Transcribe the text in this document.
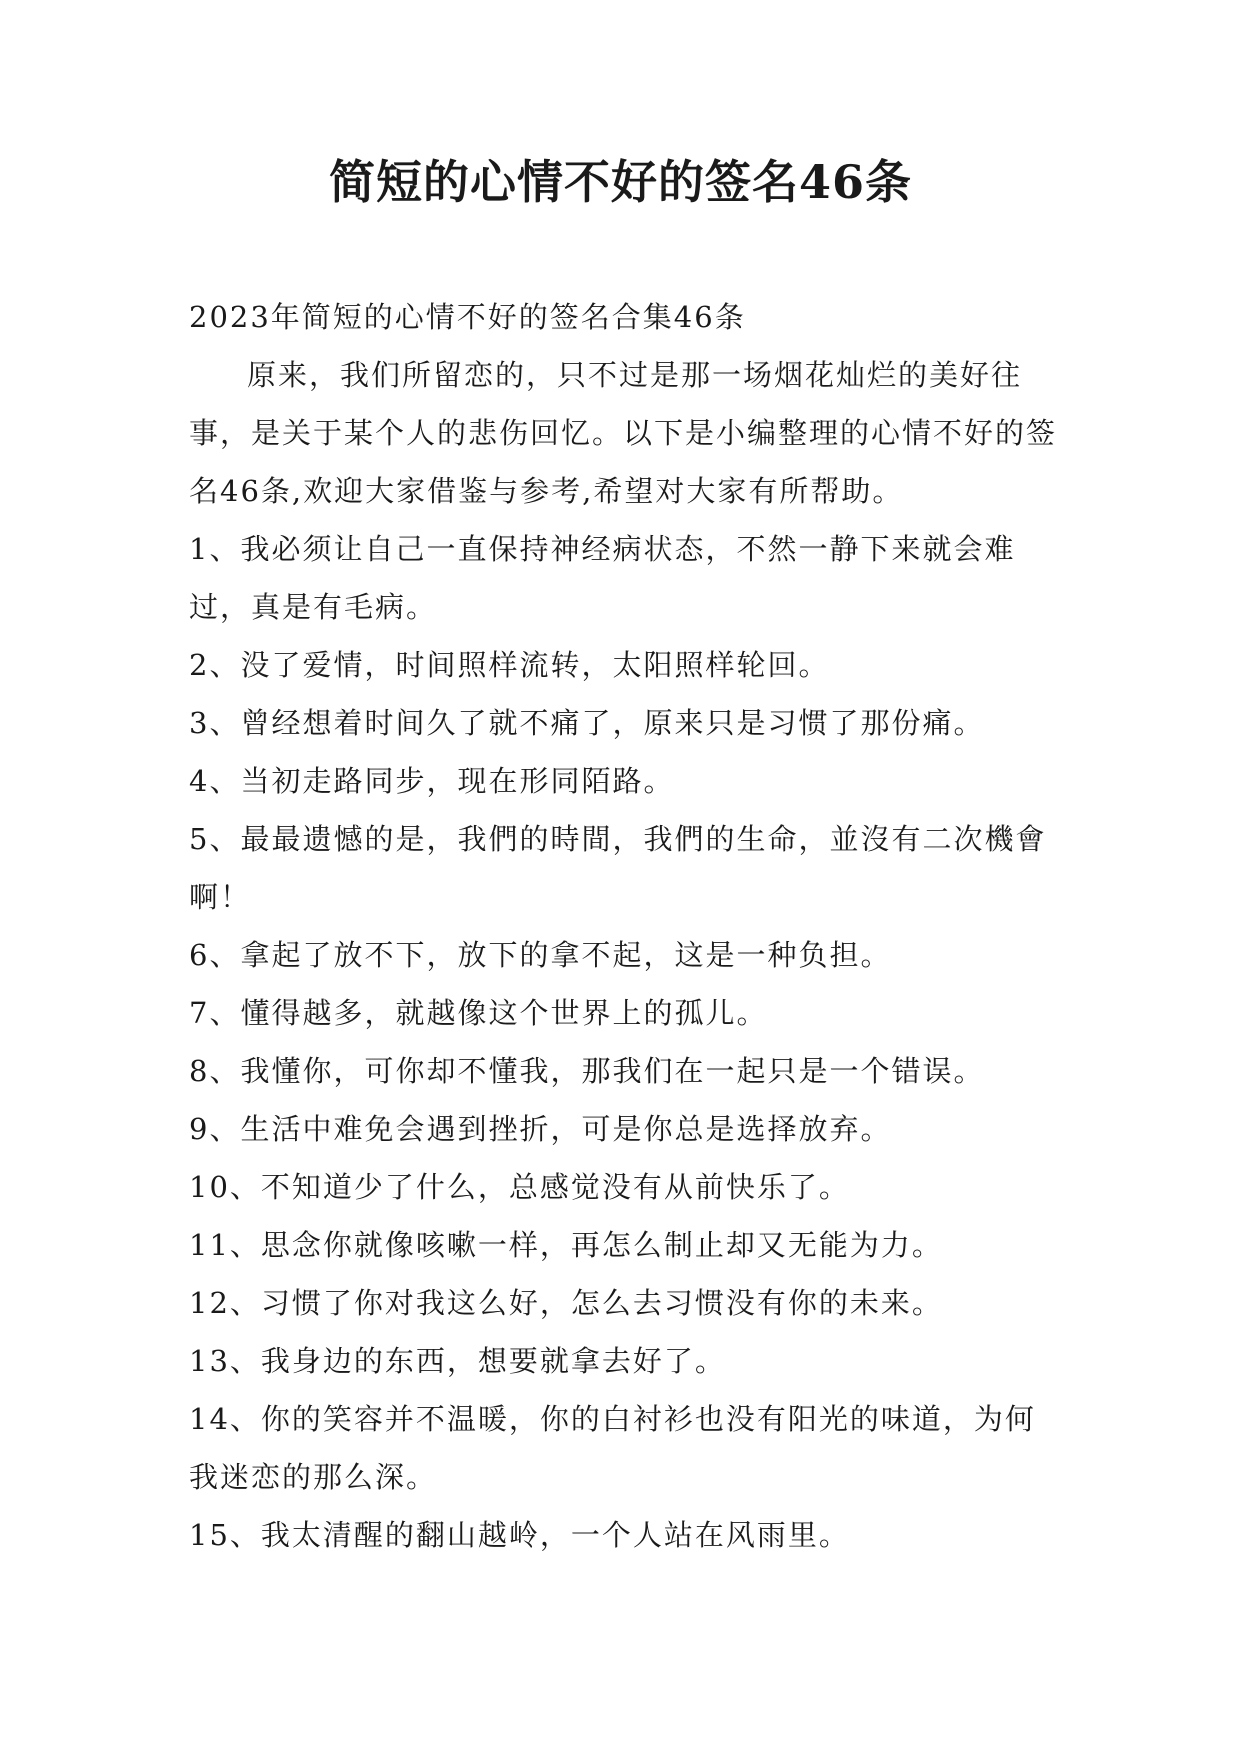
简短的心情不好的签名46条

2023年简短的心情不好的签名合集46条

原来，我们所留恋的，只不过是那一场烟花灿烂的美好往事，是关于某个人的悲伤回忆。以下是小编整理的心情不好的签名46条,欢迎大家借鉴与参考,希望对大家有所帮助。

1、我必须让自己一直保持神经病状态，不然一静下来就会难过，真是有毛病。

2、没了爱情，时间照样流转，太阳照样轮回。

3、曾经想着时间久了就不痛了，原来只是习惯了那份痛。

4、当初走路同步，现在形同陌路。

5、最最遗憾的是，我們的時間，我們的生命，並沒有二次機會啊！

6、拿起了放不下，放下的拿不起，这是一种负担。

7、懂得越多，就越像这个世界上的孤儿。

8、我懂你，可你却不懂我，那我们在一起只是一个错误。

9、生活中难免会遇到挫折，可是你总是选择放弃。

10、不知道少了什么，总感觉没有从前快乐了。

11、思念你就像咳嗽一样，再怎么制止却又无能为力。

12、习惯了你对我这么好，怎么去习惯没有你的未来。

13、我身边的东西，想要就拿去好了。

14、你的笑容并不温暖，你的白衬衫也没有阳光的味道，为何我迷恋的那么深。

15、我太清醒的翻山越岭，一个人站在风雨里。
